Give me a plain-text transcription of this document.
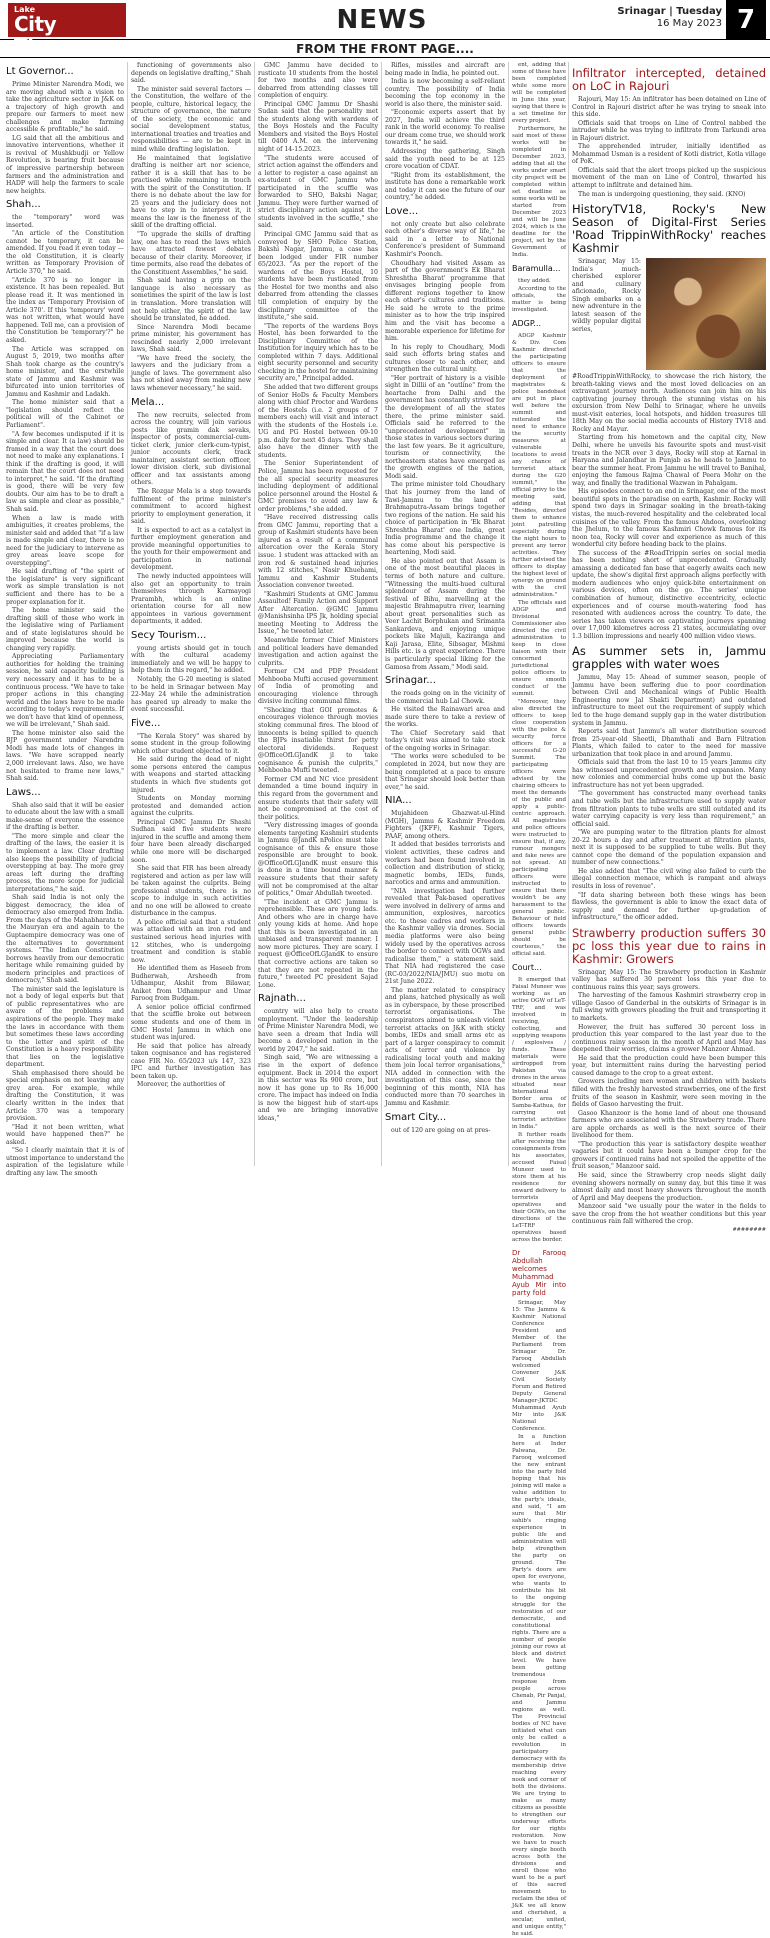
Lake
City	NEWS	Srinagar | Tuesday
16 May 2023 7
FROM THE FRONT PAGE....
Lt Governor...

Prime Minister Narendra Modi, we are moving ahead with a vision to take the agriculture sector in J&K on a trajectory of high growth and prepare our farmers to meet new challenges and make farming accessible & profitable," he said.

LG said that all the ambitious and innovative interventions, whether it is revival of Mushkbudji or Yellow Revolution, is bearing fruit because of impressive partnership between farmers and the administration and HADP will help the farmers to scale new heights.

Shah...

the "temporary" word was inserted.

"An article of the Constitution cannot be temporary, it can be amended. If you read it even today — the old Constitution, it is clearly written as Temporary Provision of Article 370," he said.

"Article 370 is no longer in existence. It has been repealed. But please read it. It was mentioned in the index as 'Temporary Provision of Article 370'. If this 'temporary' word was not written, what would have happened. Tell me, can a provision of the Constitution be 'temporary'?" he asked.

The Article was scrapped on August 5, 2019, two months after Shah took charge as the country's home minister, and the erstwhile state of Jammu and Kashmir was bifurcated into union territories of Jammu and Kashmir and Ladakh.

The home minister said that a "legislation should reflect the political will of the Cabinet or Parliament".

"A few becomes undisputed if it is simple and clear. It (a law) should be framed in a way that the court does not need to make any explanations. I think if the drafting is good, it will remain that the court does not need to interpret," he said. "If the drafting is good, there will be very few doubts. Our aim has to be to draft a law as simple and clear as possible," Shah said.

When a law is made with ambiguities, it creates problems, the minister said and added that "if a law is made simple and clear, there is no need for the judiciary to intervene as grey areas leave scope for overstepping".

He said drafting of "the spirit of the legislature" is very significant work as simple translation is not sufficient and there has to be a proper explanation for it.

The home minister said the drafting skill of those who work in the legislative wing of Parliament and of state legislatures should be improved because the world is changing very rapidly.

Appreciating Parliamentary authorities for holding the training session, he said capacity building is very necessary and it has to be a continuous process. "We have to take proper actions in this changing world and the laws have to be made according to today's requirements. If we don't have that kind of openness, we will be irrelevant," Shah said.

The home minister also said the BJP government under Narendra Modi has made lots of changes in laws. "We have scrapped nearly 2,000 irrelevant laws. Also, we have not hesitated to frame new laws," Shah said.

Laws...

Shah also said that it will be easier to educate about the law with a small make-sense of everyone the essence if the drafting is better.

"The more simple and clear the drafting of the laws, the easier it is to implement a law. Clear drafting also keeps the possibility of judicial overstepping at bay. The more grey areas left during the drafting process, the more scope for judicial interpretations," he said.

Shah said India is not only the biggest democracy, the idea of democracy also emerged from India. From the days of the Mahabharata to the Mauryan era and again to the Guptaempire democracy was one of the alternatives to government systems. "The Indian Constitution borrows heavily from our democratic heritage while remaining guided by modern principles and practices of democracy," Shah said.

The minister said the legislature is not a body of legal experts but that of public representatives who are aware of the problems and aspirations of the people. They make the laws in accordance with them but sometimes these laws according to the letter and spirit of the Constitution is a heavy responsibility that lies on the legislative department.

Shah emphasised there should be special emphasis on not leaving any grey area. For example, while drafting the Constitution, it was clearly written in the index that Article 370 was a temporary provision.

"Had it not been written, what would have happened then?" he asked.

"So I clearly maintain that it is of utmost importance to understand the aspiration of the legislature while drafting any law. The smooth

functioning of governments also depends on legislative drafting," Shah said.

The minister said several factors — the Constitution, the welfare of the people, culture, historical legacy, the structure of governance, the nature of the society, the economic and social development status, international treaties and treaties and responsibilities — are to be kept in mind while drafting legislation.

He maintained that legislative drafting is neither art nor science, rather it is a skill that has to be practised while remaining in touch with the spirit of the Constitution. If there is no debate about the law for 25 years and the judiciary does not have to step in to interpret it, it means the law is the fineness of the skill of the drafting official.

"To upgrade the skills of drafting law, one has to read the laws which have attracted fewest debates because of their clarity. Moreover, if time permits, also read the debates of the Constituent Assemblies," he said.

Shah said having a grip on the language is also necessary as sometimes the spirit of the law is lost in translation. More translation will not help either, the spirit of the law should be translated, he added.

Since Narendra Modi became prime minister, his government has rescinded nearly 2,000 irrelevant laws, Shah said.

"We have freed the society, the lawyers and the judiciary from a jungle of laws. The government also has not shied away from making new laws whenever necessary," he said.

Mela...

The new recruits, selected from across the country, will join various posts like gramin dak sevaks, inspector of posts, commercial-cum-ticket clerk, junior clerk-cum-typist, junior accounts clerk, track maintainer, assistant section officer, lower division clerk, sub divisional officer and tax assistants among others.

The Rozgar Mela is a step towards fulfilment of the prime minister's commitment to accord highest priority to employment generation, it said.

It is expected to act as a catalyst in further employment generation and provide meaningful opportunities to the youth for their empowerment and participation in national development.

The newly inducted appointees will also get an opportunity to train themselves through Karmayogi Prarambh, which is an online orientation course for all new appointees in various government departments, it added.

Secy Tourism...

young artists should get in touch with the cultural academy immediately and we will be happy to help them in this regard," he added.

Notably, the G-20 meeting is slated to be held in Srinagar between May 22-May 24 while the administration has geared up already to make the event successful.

Five...

"The Kerala Story" was shared by some student in the group following which other student objected to it.

He said during the dead of night some persons entered the campus with weapons and started attacking students in which five students got injured.

Students on Monday morning protested and demanded action against the culprits.

Principal GMC Jammu Dr Shashi Sudhan said five students were injured in the scuffle and among them four have been already discharged while one more will be discharged soon.

She said that FIR has been already registered and action as per law will be taken against the culprits. Being professional students, there is no scope to indulge in such activities and no one will be allowed to create disturbance in the campus.

A police official said that a student was attacked with an iron rod and sustained serious head injuries with 12 stitches, who is undergoing treatment and condition is stable now.

He identified them as Haseeb from Budherwah, Arsheedh from Udhampur, Akshit from Bilawar, Aniket from Udhampur and Umar Farooq from Budgam.

A senior police official confirmed that the scuffle broke out between some students and one of them in GMC Hostel Jammu in which one student was injured.

He said that police has already taken cognisance and has registered case FIR No. 65/2023 u/s 147, 323 IPC and further investigation has been taken up.

Moreover, the authorities of

GMC Jammu have decided to rusticate 10 students from the hostel for two months and also were debarred from attending classes till completion of enquiry.

Principal GMC Jammu Dr Shashi Sudan said that the personality met the students along with wardens of the Boys Hostels and the Faculty Members and visited the Boys Hostel till 0400 A.M. on the intervening night of 14-15.2023.

"The students were accused of strict action against the offenders and a letter to register a case against an ex-student of GMC Jammu who participated in the scuffle was forwarded to SHO, Bakshi Nagar, Jammu. They were further warned of strict disciplinary action against the students involved in the scuffle," she said.

Principal GMC Jammu said that as conveyed by SHO Police Station, Bakshi Nagar, Jammu, a case has been lodged under FIR number 65/2023. "As per the report of the wardens of the Boys Hostel, 10 students have been rusticated from the Hostel for two months and also debarred from attending the classes till completion of enquiry by the disciplinary committee of the institute," she said.

"The reports of the wardens Boys Hostel, has been forwarded to the Disciplinary Committee of the Institution for inquiry which has to be completed within 7 days. Additional eight security personnel and security checking in the hostel for maintaining security are," Principal added.

She added that two different groups of Senior HoDs & Faculty Members along with chief Proctor and Wardens of the Hostels (i.e. 2 groups of 7 members each) will visit and interact with the students of the Hostels i.e. UG and PG Hostel between 09-10 p.m. daily for next 45 days. They shall also have the dinner with the students.

The Senior Superintendent of Police, Jammu has been requested for the all special security measures including deployment of additional police personnel around the Hostel & GMC premises to avoid any law & order problems," she added.

"Have received distressing calls from GMC Jammu, reporting that a group of Kashmiri students have been injured as a result of a communal altercation over the Kerala Story issue. 1 student was attacked with an iron rod & sustained head injuries with 12 stitches," Nasir Khuehami, Jammu and Kashmir Students Association convenor tweeted.

"Kashmiri Students at GMC Jammu Assaulted! Family Action and Support After Altercation. @GMC Jammu @Manishsinha IPS Jk, holding special meeting Meeting to Address the Issue," he tweeted later.

Meanwhile former Chief Ministers and political leaders have demanded investigation and action against the culprits.

Former CM and PDP President Mehbooba Mufti accused government of India of promoting and encouraging violence through divisive inciting communal films.

"Shocking that GOI promotes & encourages violence through movies stoking communal fires. The blood of innocents is being spilled to quench the BJPs insatiable thirst for petty electoral dividends. Request @OfficeOfLGJandK jl to take cognisance & punish the culprits," Mehbooba Mufti tweeted.

Former CM and NC vice president demanded a time bound inquiry in this regard from the government and ensure students that their safety will not be compromised at the cost of their politics.

"Very distressing images of goonda elements targeting Kashmiri students in Jammu @JandK nPolice must take cognisance of this & ensure those responsible are brought to book. @OfficeOfLGJandK must ensure this is done in a time bound manner & reassure students that their safety will not be compromised at the altar of politics," Omar Abdullah tweeted.

"The incident at GMC Jammu is reprehensible. These are young lads. And others who are in charge have only young kids at home. And hope that this is been investigated in an unbiased and transparent manner. I now more pictures. They are scary. I request @OfficeOfLGJandK to ensure that corrective actions are taken so that they are not repeated in the future," tweeted PC president Sajad Lone.

Rajnath...

country will also help to create employment. "Under the leadership of Prime Minister Narendra Modi, we have seen a dream that India will become a developed nation in the world by 2047," he said.

Singh said, "We are witnessing a rise in the export of defence equipment. Back in 2014 the export in this sector was Rs 900 crore, but now it has gone up to Rs 16,000 crore. The impact has indeed on India is now the biggest hub of start-ups and we are bringing innovative ideas,"

Rifles, missiles and aircraft are being made in India, he pointed out.

India is now becoming a self-reliant country. The possibility of India becoming the top economy in the world is also there, the minister said.

"Economic experts assert that by 2027, India will achieve the third rank in the world economy. To realise our dream come true, we should work towards it," he said.

Addressing the gathering, Singh said the youth need to be at 125 crore vocation of CDAT.

"Right from its establishment, the institute has done a remarkable work and today it can see the future of our country," he added.

Love...

not only create but also celebrate each other's diverse way of life," he said in a letter to National Conference's president of Summand Kashmir's Poonch.

Choudhary had visited Assam as part of the government's Ek Bharat Shreshtha Bharat' programme that envisages bringing people from different regions together to know each other's cultures and traditions. He said he wrote to the prime minister as to how the trip inspired him and the visit has become a memorable experience for lifetime for him.

In his reply to Choudhary, Modi said such efforts bring states and cultures closer to each other, and strengthen the cultural unity.

"Her portrait of history is a visible sight in Dillii of an "outline" from the heartache from Dalhi and the government has constantly strived for the development of all the states there, the prime minister said. Officials said he referred to the "unprecedented development" in those states in various sectors during the last few years. Be it agriculture, tourism or connectivity, the northeastern states have emerged as the growth engines of the nation, Modi said.

The prime minister told Choudhary that his journey from the land of Tawi-Jammu to the land of Brahmaputra-Assam brings together two regions of the nation. He said his choice of participation in 'Ek Bharat Shreshtha Bharat' one India, great India programme and the change it has come about his perspective is heartening, Modi said.

He also pointed out that Assam is one of the most beautiful places in terms of both nature and culture. "Witnessing the multi-hued cultural splendour of Assam during the festival of Bihu, marvelling at the majestic Brahmaputra river, learning about great personalities such as Veer Lachit Borphukan and Srimanta Sankardeva, and enjoying unique pockets like Majuli, Kaziranga and Kaji Jarasa, Elite, Sibsagar, Mishmi Hills etc. is a great experience. There is particularly special liking for the Gamosa from Assam," Modi said.

Srinagar...

the roads going on in the vicinity of the commercial hub Lal Chowk.

He visited the Rainawari area and made sure there to take a review of the works.

The Chief Secretary said that today's visit was aimed to take stock of the ongoing works in Srinagar.

"The works were scheduled to be completed in 2024, but now they are being completed at a pace to ensure that Srinagar should look better than ever," he said.

NIA...

Mujahideen Ghazwat-ul-Hind (MGH), Jammu & Kashmir Freedom Fighters (JKFF), Kashmir Tigers, PAAF, among others.

It added that besides terrorists and violent activities, these cadres and workers had been found involved in collection and distribution of sticky, magnetic bombs, IEDs, funds, narcotics and arms and ammunition.

"NIA investigation had further revealed that Pak-based operatives were involved in delivery of arms and ammunition, explosives, narcotics etc. to these cadres and workers in the Kashmir valley via drones. Social media platforms were also being widely used by the operatives across the border to connect with OGWs and radicalise them," a statement said. That NIA had registered the case (RC-03/2022/NIA/JMU) suo motu on 21st June 2022.

The matter related to conspiracy and plans, hatched physically as well as in cyberspace, by these proscribed terrorist organisations. The conspirators aimed to unleash violent terrorist attacks on J&K with sticky bombs, IEDs and small arms etc as part of a larger conspiracy to commit acts of terror and violence by radicalising local youth and making them join local terror organisations," NIA added in connection with the investigation of this case, since the beginning of this month, NIA has conducted more than 70 searches in Jammu and Kashmir.

Smart City...

out of 120 are going on at pres-

ent, adding that some of these have been completed while some more will be completed in June this year, saying that there is a set timeline for every project.

Furthermore, he said most of these works will be completed in December 2023, adding that all the works under smart city project will be completed within set deadline as some works will be started from December 2023 and will be June 2024, which is the deadline for the project, set by the Government of India.

Baramulla...

they added.

According to the officials, the matter is being investigated.

ADGP...

ADGP Kashmir & Div. Com Kashmir directed the participating officers to ensure that the deployment of magistrates & police bandobast are put in place well before the summit and reiterated the need to enhance the security measures at vulnerable locations to avoid any chance of terrorist attack during the G20 summit," the official privy to the meeting said, adding that "Besides, directed them to enhance joint patrolling especially during the night hours to prevent any terror activities. They further advised the officers to display the highest level of synergy on ground with the civil administration."

The officials said ADGP and Divisional Commissioner also directed the civil administration to keep in close liaison with their concerned jurisdictional police officers to ensure smooth conduct of the summit.

"Moreover, they also directed the officers to keep close cooperation with the police & security force officers for a successful G-20 Summit. The participating officers were advised by the chairing officers to meet the demands of the public and apply a public-centric approach. All magistrates and police officers were instructed to ensure that, if any, rumour mongers and fake news are not spread. All participating officers were instructed to ensure that there wouldn't be any harassment to the general public. Behaviour of field officers towards general public should be courteous," the official said.

Court...

It emerged that Faisal Muneer was working as an active OGW of LeT-TRF, and was involved in receiving, collecting, and supplying weapons / explosives / funds. These materials were airdropped from Pakistan via drones in the areas situated near International Border area of Samba-Kathua, for carrying out terrorist activities in India."

It further reads after receiving the consignments from his associates, accused Faisal Muneer used to store them at his residence for onward delivery to terrorists operatives and their OGWs, on the directions of the LeT-TRF operatives based across the border.

Dr Farooq Abdullah welcomes Muhammad Ayub Mir into party fold

Srinagar, May 15: The Jammu & Kashmir National Conference President and Member of the Parliament from Srinagar Dr. Farooq Abdullah welcomed Convener J&K Civil Society Forum and Retired Deputy General Manager-JKTDC Muhammad Ayub Mir into J&K National Conference.

In a function here at Inder Palwana, Dr. Farooq welcomed the new entrant into the party fold hoping that his joining will make a value addition to the party's ideals, and said, "I am sure that Mir sahib's ringing experience in public life and administration will help strengthen the party on ground. The Party's doors are open for everyone, who wants to contribute his bit to the ongoing struggle for the restoration of our democratic, and constitutional rights. There are a number of people joining our rows at block and district level. We have been getting tremendous response from people across Chenab, Pir Panjal, and Jammu regions as well. The Provincial bodies of NC have initiated what can only be called a revolution in participatory democracy with its membership drive reaching every nook and corner of both the divisions. We are trying to make as many citizens as possible to strengthen our underway efforts for our rights restoration. Now we have to reach every single booth across both the divisions and enroll those who want to be a part of this sacred movement to reclaim the idea of J&K we all know and cherished, a secular, united, and unique entity," he said.

Infiltrator intercepted, detained on LoC in Rajouri

Rajouri, May 15: An infiltrator has been detained on Line of Control in Rajouri district after he was trying to sneak into this side.

Officials said that troops on Line of Control nabbed the intruder while he was trying to infiltrate from Tarkundi area in Rajouri district.

The apprehended intruder, initially identified as Mohammad Usman is a resident of Kotli district, Kotla village of PoK.

Officials said that the alert troops picked up the suspicious movement of the man on Line of Control, thwarted his attempt to infiltrate and detained him.

The man is undergoing questioning, they said. (KNO)

HistoryTV18, Rocky's New Season of Digital-First Series 'Road TrippinWithRocky' reaches Kashmir

Srinagar, May 15: India's much-cherished explorer and culinary aficionado, Rocky Singh embarks on a new adventure in the latest season of the wildly popular digital series, #RoadTrippinWithRocky, to showcase the rich history, the breath-taking views and the most loved delicacies on an extravagant journey north. Audiences can join him on his captivating journey through the stunning vistas on his excursion from New Delhi to Srinagar, where he unveils must-visit eateries, local hotspots, and hidden treasures till 18th May on the social media accounts of History TV18 and Rocky and Mayur.

Starting from his hometown and the capital city, New Delhi, where he unveils his favourite spots and must-visit treats in the NCR over 3 days, Rocky will stop at Karnal in Haryana and Jalandhar in Punjab as he heads to Jammu to bear the summer heat. From Jammu he will travel to Banihal, enjoying the famous Rajma Chawal of Peera Mohr on the way, and finally the traditional Wazwan in Pahalgam.

His episodes connect to an end in Srinagar, one of the most beautiful spots in the paradise on earth, Kashmir. Rocky will spend two days in Srinagar soaking in the breath-taking vistas, the much-revered hospitality and the celebrated local cuisines of the valley. From the famous Ahdoos, overlooking the Jhelum, to the famous Kashmiri Chowk famous for its noon tea, Rocky will cover and experience as much of this wonderful city before heading back to the plains.

The success of the #RoadTrippin series on social media has been nothing short of unprecedented. Gradually amassing a dedicated fan base that eagerly awaits each new update, the show's digital first approach aligns perfectly with modern audiences who enjoy quick-bite entertainment on various devices, often on the go. The series' unique combination of humour, distinctive eccentricity, eclectic experiences and of course mouth-watering food has resonated with audiences across the country. To date, the series has taken viewers on captivating journeys spanning over 17,000 kilometres across 21 states, accumulating over 1.3 billion impressions and nearly 400 million video views.

As summer sets in, Jammu grapples with water woes

Jammu, May 15: Ahead of summer season, people of Jammu have been suffering due to poor coordination between Civil and Mechanical wings of Public Health Engineering now Jal Shakti Department) and outdated infrastructure to meet out the requirement of supply which led to the huge demand supply gap in the water distribution system in Jammu.

Reports said that Jammu's all water distribution sourced from 25-year-old Sheetli, Dhamthali and Barn Filtration Plants, which failed to cater to the need for massive urbanization that took place in and around Jammu.

Officials said that from the last 10 to 15 years Jammu city has witnessed unprecedented growth and expansion. Many new colonies and commercial hubs come up but the basic infrastructure has not yet been upgraded.

"The government has constructed many overhead tanks and tube wells but the infrastructure used to supply water from filtration plants to tube wells are still outdated and its water carrying capacity is very less than requirement," an official said.

"We are pumping water to the filtration plants for almost 20-22 hours a day and after treatment at filtration plants, next it is supposed to be supplied to tube wells. But they cannot cope the demand of the population expansion and number of new connections."

He also added that "The civil wing also failed to curb the illegal connection menace, which is rampant and always results in loss of revenue".

"If data sharing between both these wings has been flawless, the government is able to know the exact data of supply and demand for further up-gradation of infrastructure," the officer added.

Strawberry production suffers 30 pc loss this year due to rains in Kashmir: Growers

Srinagar, May 15: The Strawberry production in Kashmir valley has suffered 30 percent loss this year due to continuous rains this year, says growers.

The harvesting of the famous Kashmiri strawberry crop in village Gasoo of Ganderbal in the outskirts of Srinagar is in full swing with growers pleading the fruit and transporting it to markets.

However, the fruit has suffered 30 percent loss in production this year compared to the last year due to the continuous rainy season in the month of April and May has deepened their worries, claims a grower Manzoor Ahmad.

He said that the production could have been bumper this year, but intermittent rains during the harvesting period caused damage to the crop to a great extent.

Growers including men women and children with baskets filled with the freshly harvested strawberries, one of the first fruits of the season in Kashmir, were seen moving in the fields of Gasoo harvesting the fruit.

Gasoo Khanzoor is the home land of about one thousand farmers who are associated with the Strawberry trade. There are apple orchards as well is the next source of their livelihood for them.

"The production this year is satisfactory despite weather vagaries but it could have been a bumper crop for the growers if continued rains had not spoiled the appetite of the fruit season," Manzoor said.

He said, since the Strawberry crop needs slight daily evening showers normally on sunny day, but this time it was almost daily and most heavy showers throughout the month of April and May deepens the production.

Manzoor said "we usually pour the water in the fields to save the crop from the hot weather conditions but this year continuous rain fall withered the crop.

########
